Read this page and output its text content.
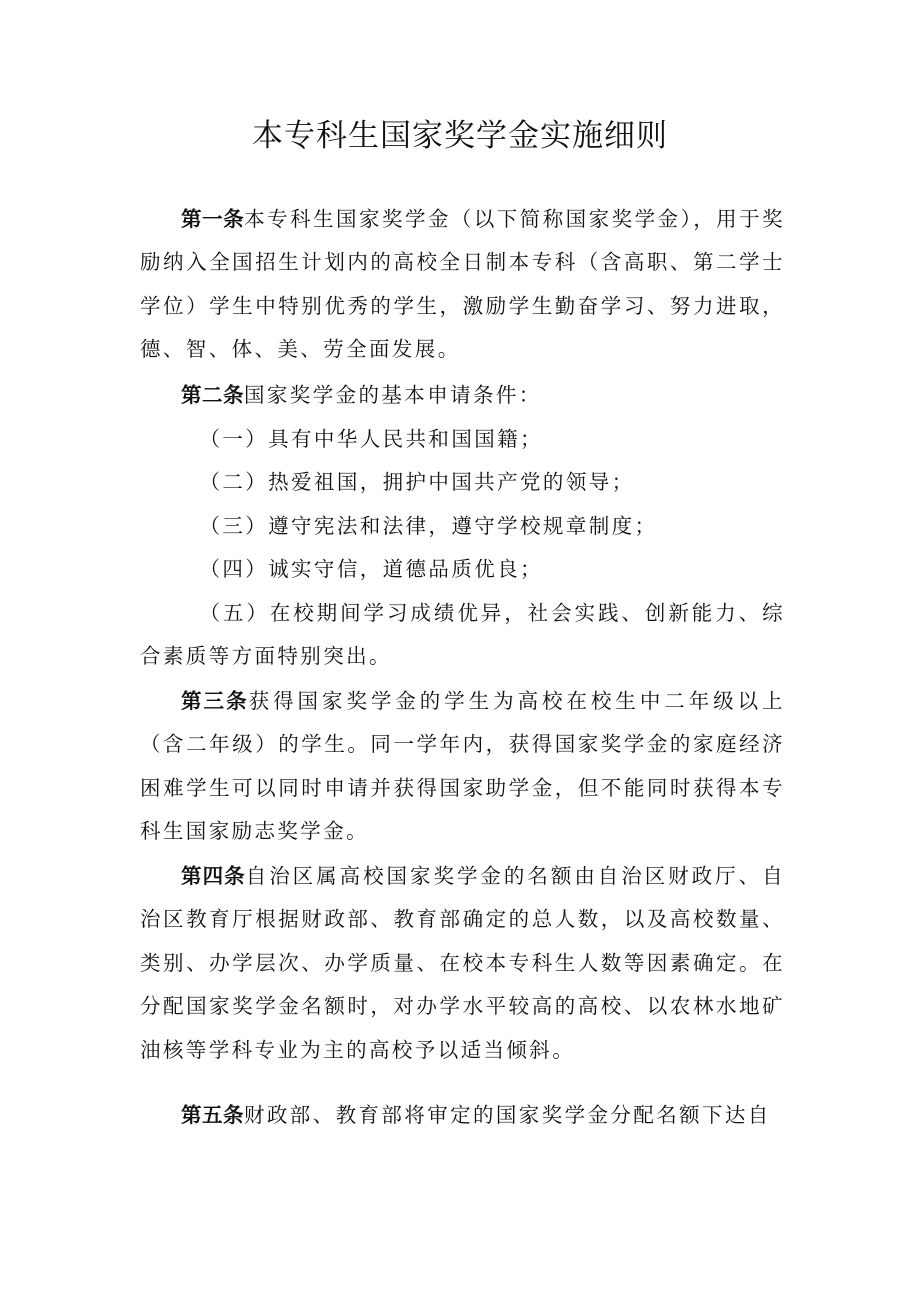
本专科生国家奖学金实施细则

第一条本专科生国家奖学金（以下简称国家奖学金），用于奖励纳入全国招生计划内的高校全日制本专科（含高职、第二学士学位）学生中特别优秀的学生，激励学生勤奋学习、努力进取，德、智、体、美、劳全面发展。

第二条国家奖学金的基本申请条件：

（一）具有中华人民共和国国籍；

（二）热爱祖国，拥护中国共产党的领导；

（三）遵守宪法和法律，遵守学校规章制度；

（四）诚实守信，道德品质优良；

（五）在校期间学习成绩优异，社会实践、创新能力、综合素质等方面特别突出。

第三条获得国家奖学金的学生为高校在校生中二年级以上（含二年级）的学生。同一学年内，获得国家奖学金的家庭经济困难学生可以同时申请并获得国家助学金，但不能同时获得本专科生国家励志奖学金。

第四条自治区属高校国家奖学金的名额由自治区财政厅、自治区教育厅根据财政部、教育部确定的总人数，以及高校数量、类别、办学层次、办学质量、在校本专科生人数等因素确定。在分配国家奖学金名额时，对办学水平较高的高校、以农林水地矿油核等学科专业为主的高校予以适当倾斜。

第五条财政部、教育部将审定的国家奖学金分配名额下达自
